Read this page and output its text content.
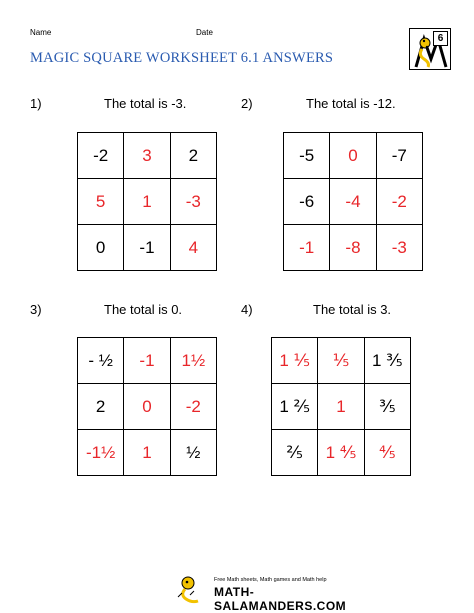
Name	Date
MAGIC SQUARE WORKSHEET 6.1 ANSWERS
6
1)	The total is -3.
-2	3	2
5	1	-3
0	-1	4
2)	The total is -12.
-5	0	-7
-6	-4	-2
-1	-8	-3
3)	The total is 0.
- ½	-1	1½
2	0	-2
-1½	1	½
4)	The total is 3.
1 ⅕	⅕	1 ⅗
1 ⅖	1	⅗
⅖	1 ⅘	⅘
Free Math sheets, Math games and Math help
MATH-SALAMANDERS.COM
